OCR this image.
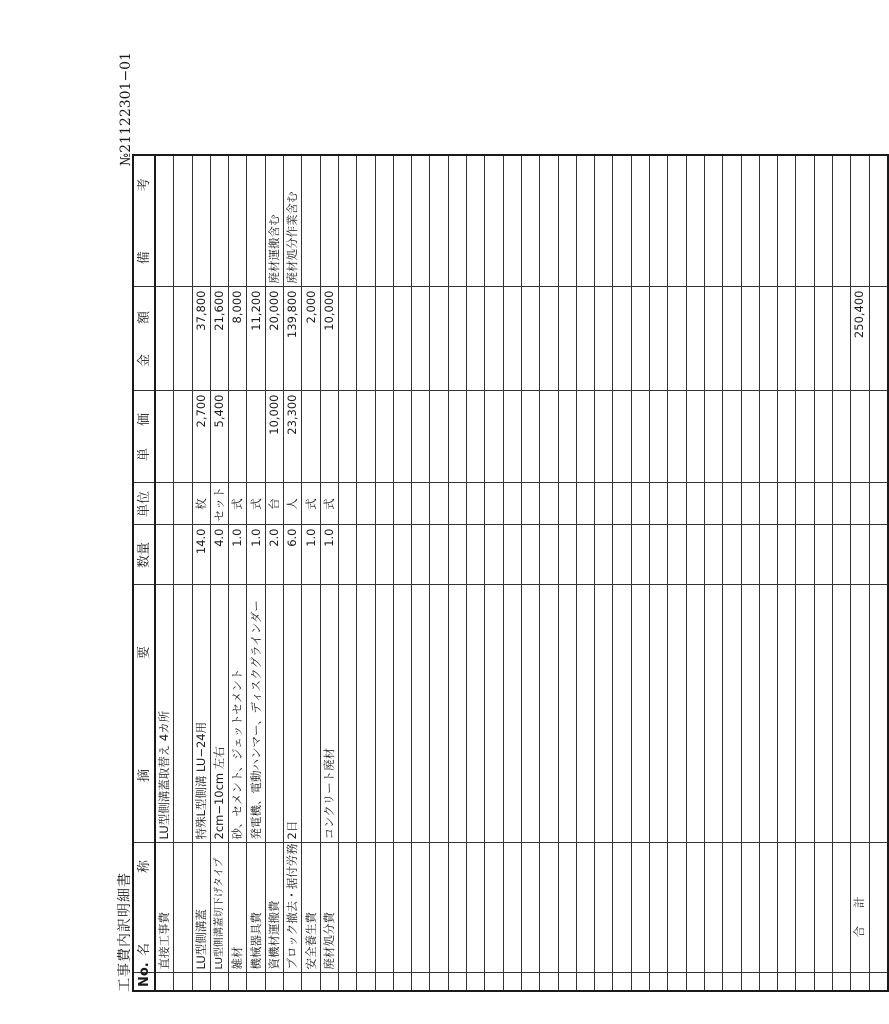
工事費内訳明細書
№21122301−01
No.	名称	摘要	数量	単位	単価	金額	備考
	直接工事費	LU型側溝蓋取替え 4カ所					

	LU型側溝蓋	特殊L型側溝 LU−24用	14.0	枚	2,700	37,800	
	LU型側溝蓋切下げタイプ	2cm−10cm 左右	4.0	セット	5,400	21,600	
	雑材	砂、セメント、ジェットセメント	1.0	式		8,000	
	機械器具費	発電機、電動ハンマー、ディスクグラインダー	1.0	式		11,200	
	資機材運搬費		2.0	台	10,000	20,000	廃材運搬含む
	ブロック撤去・据付労務	2日	6.0	人	23,300	139,800	廃材処分作業含む
	安全養生費		1.0	式		2,000	
	廃材処分費	コンクリート廃材	1.0	式		10,000	

	合計					250,400	
